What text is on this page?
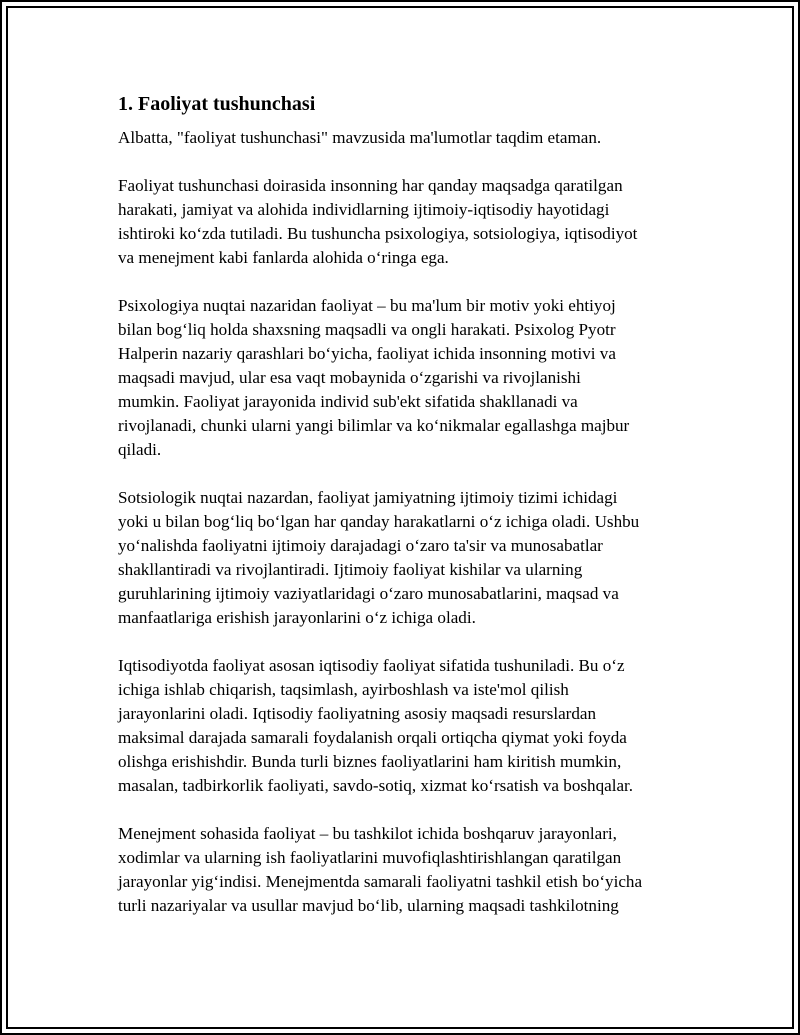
1. Faoliyat tushunchasi

Albatta, "faoliyat tushunchasi" mavzusida ma'lumotlar taqdim etaman.

Faoliyat tushunchasi doirasida insonning har qanday maqsadga qaratilgan
harakati, jamiyat va alohida individlarning ijtimoiy-iqtisodiy hayotidagi
ishtiroki ko‘zda tutiladi. Bu tushuncha psixologiya, sotsiologiya, iqtisodiyot
va menejment kabi fanlarda alohida o‘ringa ega.

Psixologiya nuqtai nazaridan faoliyat – bu ma'lum bir motiv yoki ehtiyoj
bilan bog‘liq holda shaxsning maqsadli va ongli harakati. Psixolog Pyotr
Halperin nazariy qarashlari bo‘yicha, faoliyat ichida insonning motivi va
maqsadi mavjud, ular esa vaqt mobaynida o‘zgarishi va rivojlanishi
mumkin. Faoliyat jarayonida individ sub'ekt sifatida shakllanadi va
rivojlanadi, chunki ularni yangi bilimlar va ko‘nikmalar egallashga majbur
qiladi.

Sotsiologik nuqtai nazardan, faoliyat jamiyatning ijtimoiy tizimi ichidagi
yoki u bilan bog‘liq bo‘lgan har qanday harakatlarni o‘z ichiga oladi. Ushbu
yo‘nalishda faoliyatni ijtimoiy darajadagi o‘zaro ta'sir va munosabatlar
shakllantiradi va rivojlantiradi. Ijtimoiy faoliyat kishilar va ularning
guruhlarining ijtimoiy vaziyatlaridagi o‘zaro munosabatlarini, maqsad va
manfaatlariga erishish jarayonlarini o‘z ichiga oladi.

Iqtisodiyotda faoliyat asosan iqtisodiy faoliyat sifatida tushuniladi. Bu o‘z
ichiga ishlab chiqarish, taqsimlash, ayirboshlash va iste'mol qilish
jarayonlarini oladi. Iqtisodiy faoliyatning asosiy maqsadi resurslardan
maksimal darajada samarali foydalanish orqali ortiqcha qiymat yoki foyda
olishga erishishdir. Bunda turli biznes faoliyatlarini ham kiritish mumkin,
masalan, tadbirkorlik faoliyati, savdo-sotiq, xizmat ko‘rsatish va boshqalar.

Menejment sohasida faoliyat – bu tashkilot ichida boshqaruv jarayonlari,
xodimlar va ularning ish faoliyatlarini muvofiqlashtirishlangan qaratilgan
jarayonlar yig‘indisi. Menejmentda samarali faoliyatni tashkil etish bo‘yicha
turli nazariyalar va usullar mavjud bo‘lib, ularning maqsadi tashkilotning
